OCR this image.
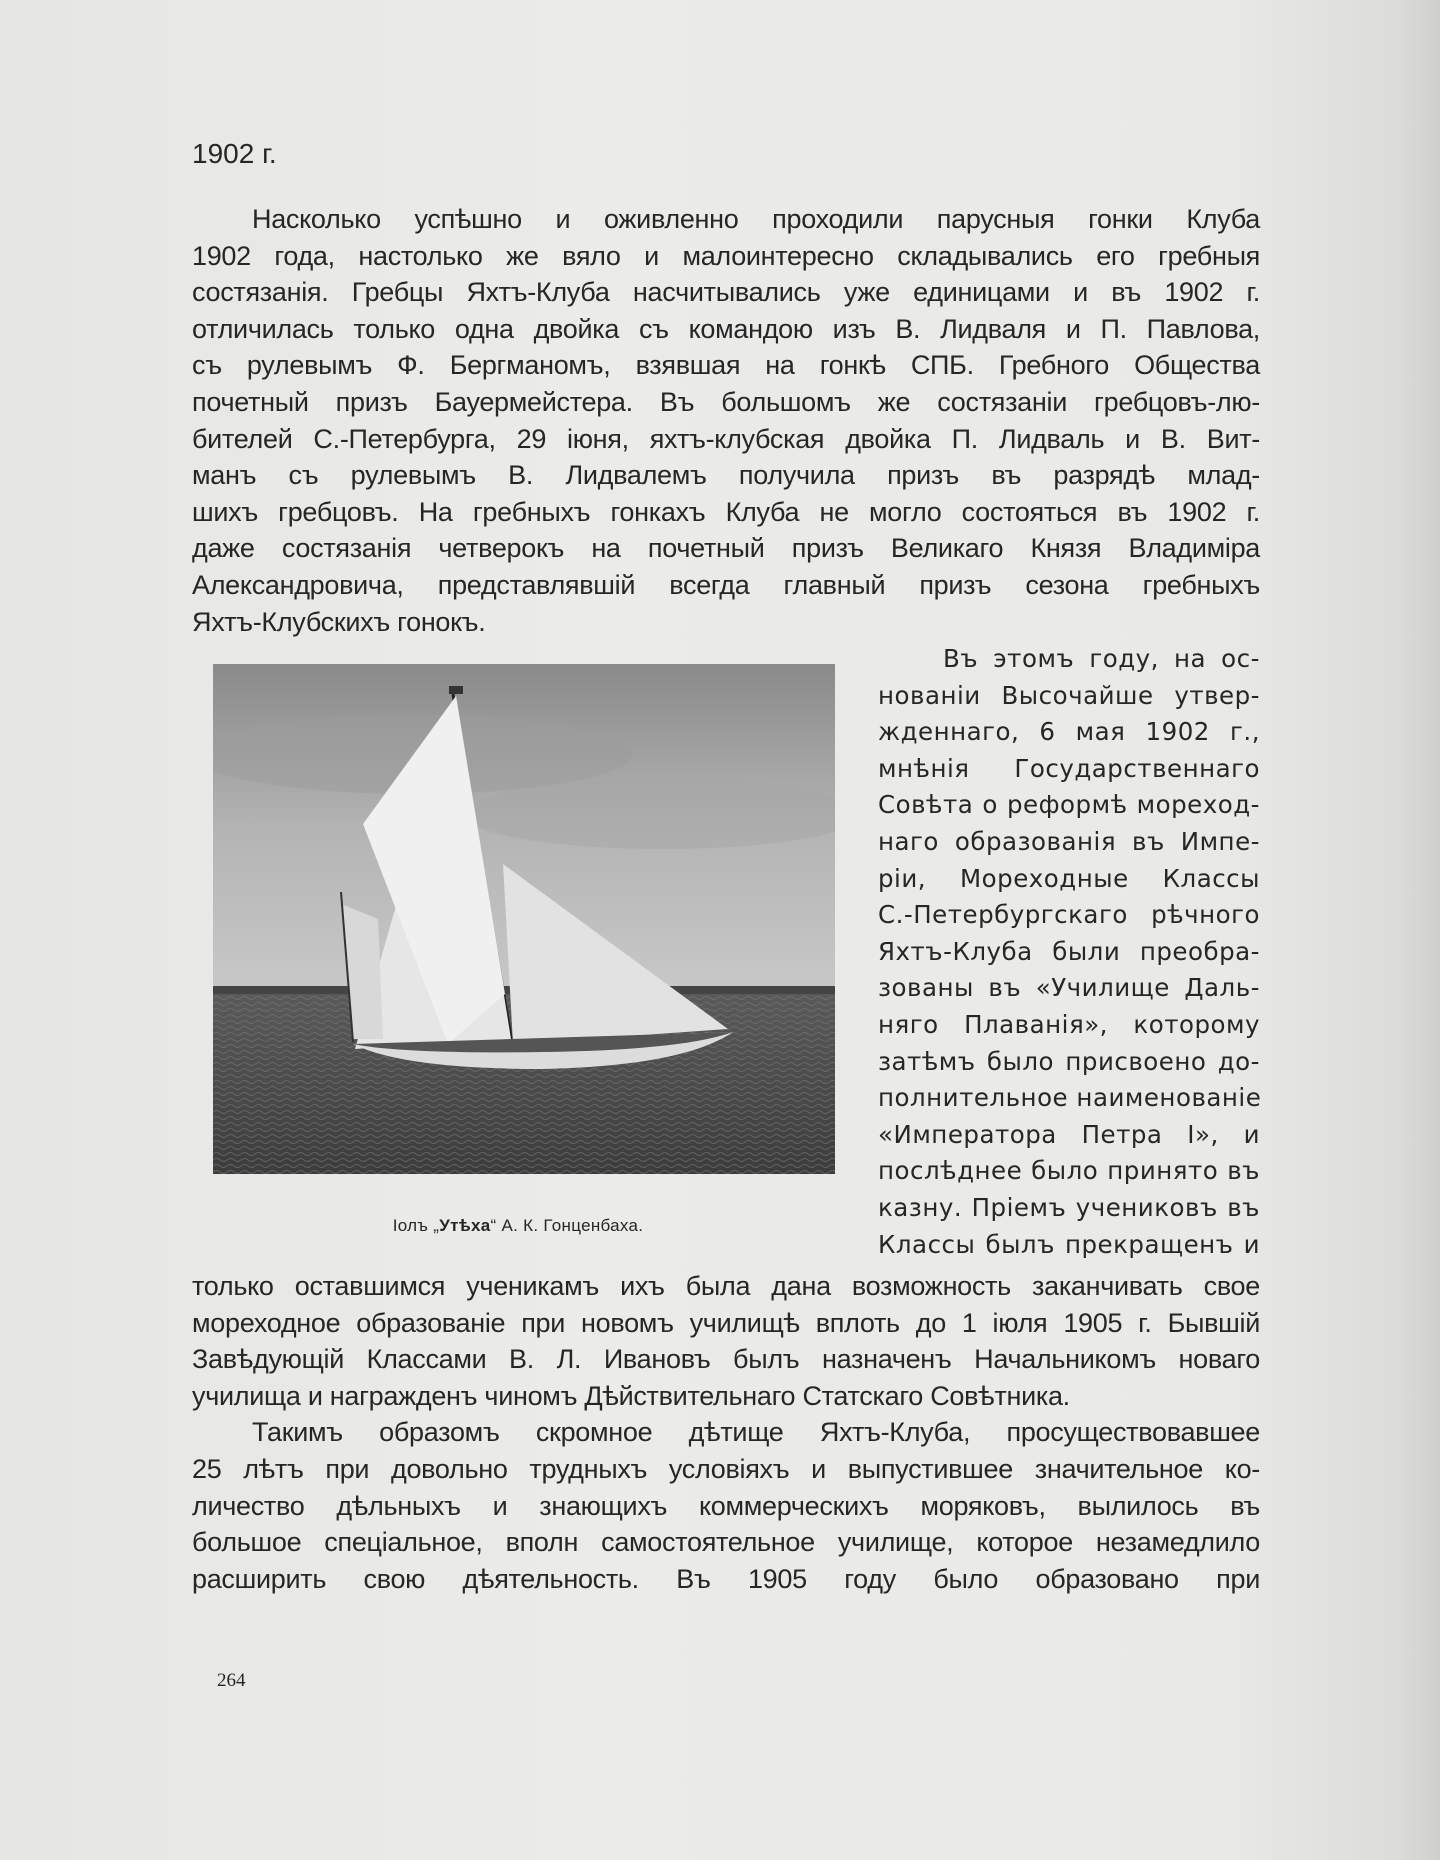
1902 г.
Насколько успѣшно и оживленно проходили парусныя гонки Клуба
1902 года, настолько же вяло и малоинтересно складывались его гребныя
состязанія. Гребцы Яхтъ-Клуба насчитывались уже единицами и въ 1902 г.
отличилась только одна двойка съ командою изъ В. Лидваля и П. Павлова,
съ рулевымъ Ф. Бергманомъ, взявшая на гонкѣ СПБ. Гребного Общества
почетный призъ Бауермейстера. Въ большомъ же состязаніи гребцовъ-лю-
бителей С.-Петербурга, 29 іюня, яхтъ-клубская двойка П. Лидваль и В. Вит-
манъ съ рулевымъ В. Лидвалемъ получила призъ въ разрядѣ млад-
шихъ гребцовъ. На гребныхъ гонкахъ Клуба не могло состояться въ 1902 г.
даже состязанія четверокъ на почетный призъ Великаго Князя Владиміра
Александровича, представлявшій всегда главный призъ сезона гребныхъ
Яхтъ-Клубскихъ гонокъ.
Іолъ „Утѣха“ А. К. Гонценбаха.
Въ этомъ году, на ос-
нованіи Высочайше утвер-
жденнаго, 6 мая 1902 г.,
мнѣнія Государственнаго
Совѣта о реформѣ мореход-
наго образованія въ Импе-
ріи, Мореходные Классы
С.-Петербургскаго рѣчного
Яхтъ-Клуба были преобра-
зованы въ «Училище Даль-
няго Плаванія», которому
затѣмъ было присвоено до-
полнительное наименованіе
«Императора Петра I», и
послѣднее было принято въ
казну. Пріемъ учениковъ въ
Классы былъ прекращенъ и
только оставшимся ученикамъ ихъ была дана возможность заканчивать свое
мореходное образованіе при новомъ училищѣ вплоть до 1 іюля 1905 г. Бывшій
Завѣдующій Классами В. Л. Ивановъ былъ назначенъ Начальникомъ новаго
училища и награжденъ чиномъ Дѣйствительнаго Статскаго Совѣтника.
Такимъ образомъ скромное дѣтище Яхтъ-Клуба, просуществовавшее
25 лѣтъ при довольно трудныхъ условіяхъ и выпустившее значительное ко-
личество дѣльныхъ и знающихъ коммерческихъ моряковъ, вылилось въ
большое спеціальное, вполн самостоятельное училище, которое незамедлило
расширить свою дѣятельность. Въ 1905 году было образовано при
264
